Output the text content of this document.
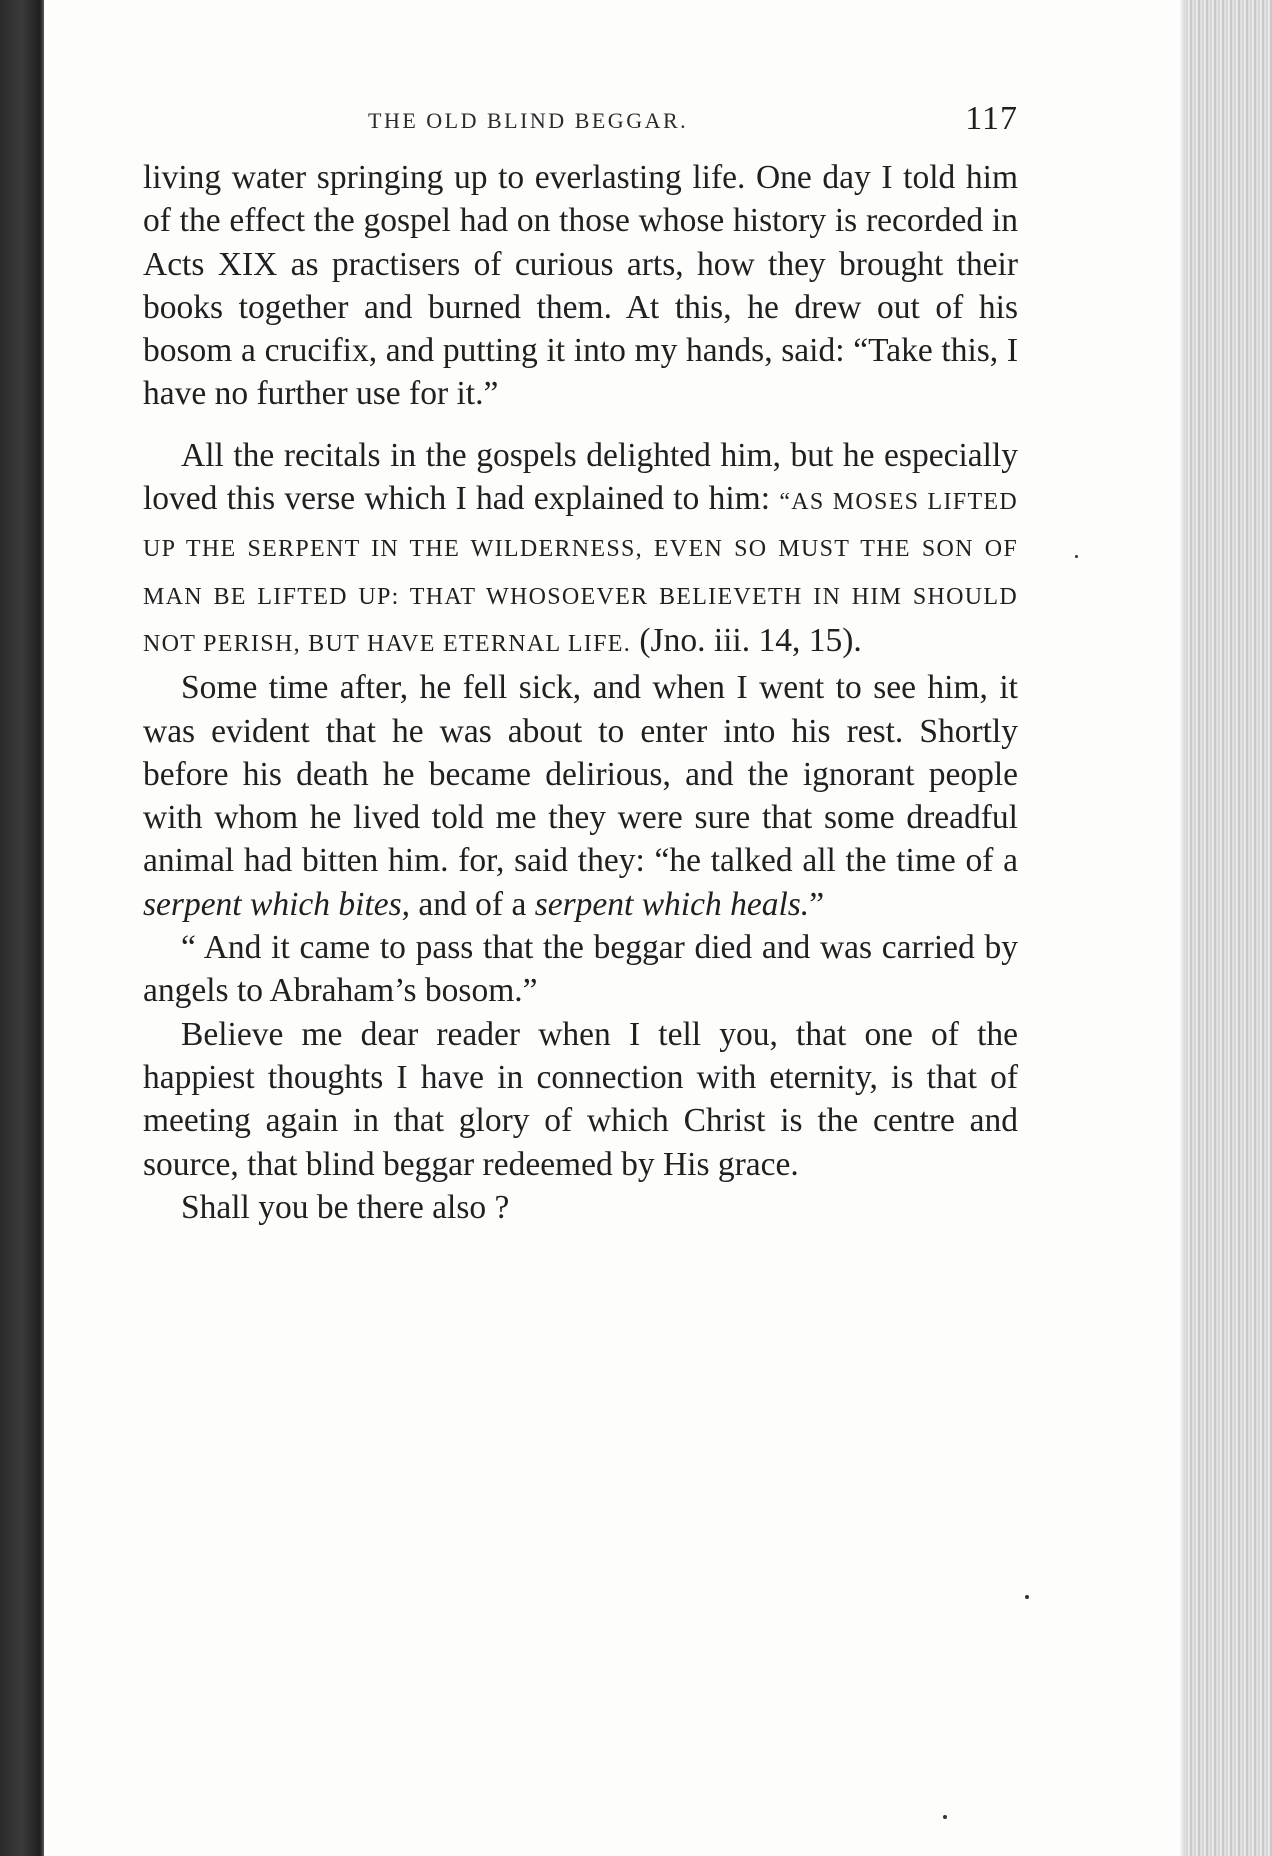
THE OLD BLIND BEGGAR.	117

living water springing up to everlasting life. One day I told him of the effect the gospel had on those whose history is recorded in Acts XIX as practisers of curious arts, how they brought their books together and burned them. At this, he drew out of his bosom a crucifix, and putting it into my hands, said: “Take this, I have no further use for it.”

All the recitals in the gospels delighted him, but he especially loved this verse which I had explained to him: “AS MOSES LIFTED UP THE SERPENT IN THE WILDERNESS, EVEN SO MUST THE SON OF MAN BE LIFTED UP: THAT WHOSOEVER BELIEVETH IN HIM SHOULD NOT PERISH, BUT HAVE ETERNAL LIFE. (Jno. iii. 14, 15).

Some time after, he fell sick, and when I went to see him, it was evident that he was about to enter into his rest. Shortly before his death he became delirious, and the ignorant people with whom he lived told me they were sure that some dreadful animal had bitten him. for, said they: “he talked all the time of a serpent which bites, and of a serpent which heals.”

“ And it came to pass that the beggar died and was carried by angels to Abraham’s bosom.”

Believe me dear reader when I tell you, that one of the happiest thoughts I have in connection with eternity, is that of meeting again in that glory of which Christ is the centre and source, that blind beggar redeemed by His grace.

Shall you be there also ?
